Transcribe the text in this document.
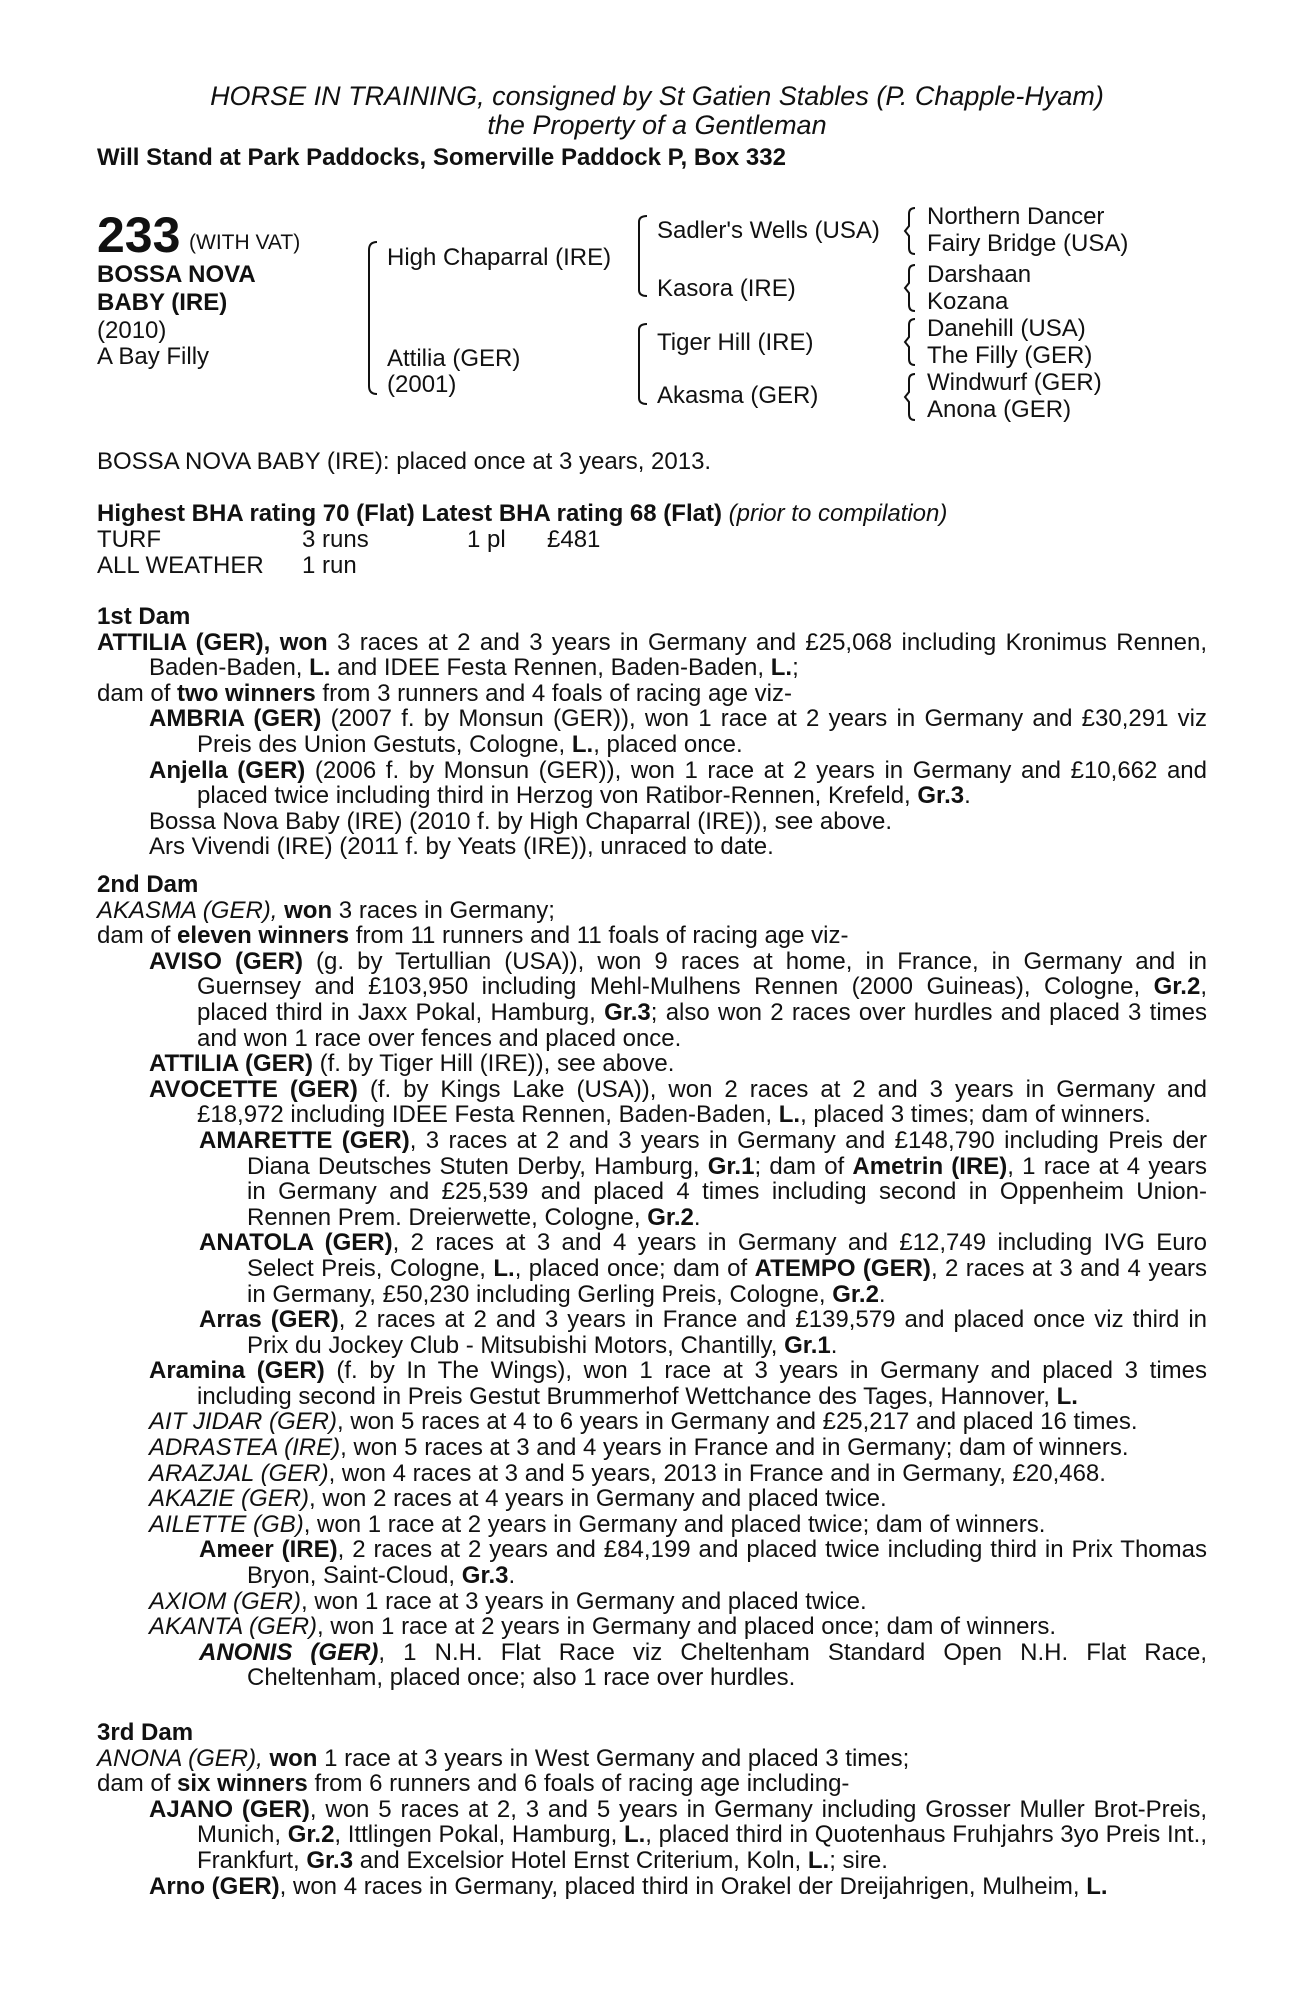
HORSE IN TRAINING, consigned by St Gatien Stables (P. Chapple-Hyam)
the Property of a Gentleman
Will Stand at Park Paddocks, Somerville Paddock P, Box 332
233 (WITH VAT)
BOSSA NOVA
BABY (IRE)
(2010)
A Bay Filly
High Chaparral (IRE)
Attilia (GER)
(2001)
Sadler's Wells (USA)
Kasora (IRE)
Tiger Hill (IRE)
Akasma (GER)
Northern Dancer
Fairy Bridge (USA)
Darshaan
Kozana
Danehill (USA)
The Filly (GER)
Windwurf (GER)
Anona (GER)
BOSSA NOVA BABY (IRE): placed once at 3 years, 2013.
Highest BHA rating 70 (Flat) Latest BHA rating 68 (Flat) (prior to compilation)
TURF	3 runs	1 pl £481
ALL WEATHER 1 run

1st Dam

ATTILIA (GER), won 3 races at 2 and 3 years in Germany and £25,068 including Kronimus Rennen, Baden-Baden, L. and IDEE Festa Rennen, Baden-Baden, L.;

dam of two winners from 3 runners and 4 foals of racing age viz-

AMBRIA (GER) (2007 f. by Monsun (GER)), won 1 race at 2 years in Germany and £30,291 viz Preis des Union Gestuts, Cologne, L., placed once.

Anjella (GER) (2006 f. by Monsun (GER)), won 1 race at 2 years in Germany and £10,662 and placed twice including third in Herzog von Ratibor-Rennen, Krefeld, Gr.3.

Bossa Nova Baby (IRE) (2010 f. by High Chaparral (IRE)), see above.

Ars Vivendi (IRE) (2011 f. by Yeats (IRE)), unraced to date.

2nd Dam

AKASMA (GER), won 3 races in Germany;

dam of eleven winners from 11 runners and 11 foals of racing age viz-

AVISO (GER) (g. by Tertullian (USA)), won 9 races at home, in France, in Germany and in Guernsey and £103,950 including Mehl-Mulhens Rennen (2000 Guineas), Cologne, Gr.2, placed third in Jaxx Pokal, Hamburg, Gr.3; also won 2 races over hurdles and placed 3 times and won 1 race over fences and placed once.

ATTILIA (GER) (f. by Tiger Hill (IRE)), see above.

AVOCETTE (GER) (f. by Kings Lake (USA)), won 2 races at 2 and 3 years in Germany and £18,972 including IDEE Festa Rennen, Baden-Baden, L., placed 3 times; dam of winners.

AMARETTE (GER), 3 races at 2 and 3 years in Germany and £148,790 including Preis der Diana Deutsches Stuten Derby, Hamburg, Gr.1; dam of Ametrin (IRE), 1 race at 4 years in Germany and £25,539 and placed 4 times including second in Oppenheim Union-Rennen Prem. Dreierwette, Cologne, Gr.2.

ANATOLA (GER), 2 races at 3 and 4 years in Germany and £12,749 including IVG Euro Select Preis, Cologne, L., placed once; dam of ATEMPO (GER), 2 races at 3 and 4 years in Germany, £50,230 including Gerling Preis, Cologne, Gr.2.

Arras (GER), 2 races at 2 and 3 years in France and £139,579 and placed once viz third in Prix du Jockey Club - Mitsubishi Motors, Chantilly, Gr.1.

Aramina (GER) (f. by In The Wings), won 1 race at 3 years in Germany and placed 3 times including second in Preis Gestut Brummerhof Wettchance des Tages, Hannover, L.

AIT JIDAR (GER), won 5 races at 4 to 6 years in Germany and £25,217 and placed 16 times.

ADRASTEA (IRE), won 5 races at 3 and 4 years in France and in Germany; dam of winners.

ARAZJAL (GER), won 4 races at 3 and 5 years, 2013 in France and in Germany, £20,468.

AKAZIE (GER), won 2 races at 4 years in Germany and placed twice.

AILETTE (GB), won 1 race at 2 years in Germany and placed twice; dam of winners.

Ameer (IRE), 2 races at 2 years and £84,199 and placed twice including third in Prix Thomas Bryon, Saint-Cloud, Gr.3.

AXIOM (GER), won 1 race at 3 years in Germany and placed twice.

AKANTA (GER), won 1 race at 2 years in Germany and placed once; dam of winners.

ANONIS (GER), 1 N.H. Flat Race viz Cheltenham Standard Open N.H. Flat Race, Cheltenham, placed once; also 1 race over hurdles.

3rd Dam

ANONA (GER), won 1 race at 3 years in West Germany and placed 3 times;

dam of six winners from 6 runners and 6 foals of racing age including-

AJANO (GER), won 5 races at 2, 3 and 5 years in Germany including Grosser Muller Brot-Preis, Munich, Gr.2, Ittlingen Pokal, Hamburg, L., placed third in Quotenhaus Fruhjahrs 3yo Preis Int., Frankfurt, Gr.3 and Excelsior Hotel Ernst Criterium, Koln, L.; sire.

Arno (GER), won 4 races in Germany, placed third in Orakel der Dreijahrigen, Mulheim, L.
